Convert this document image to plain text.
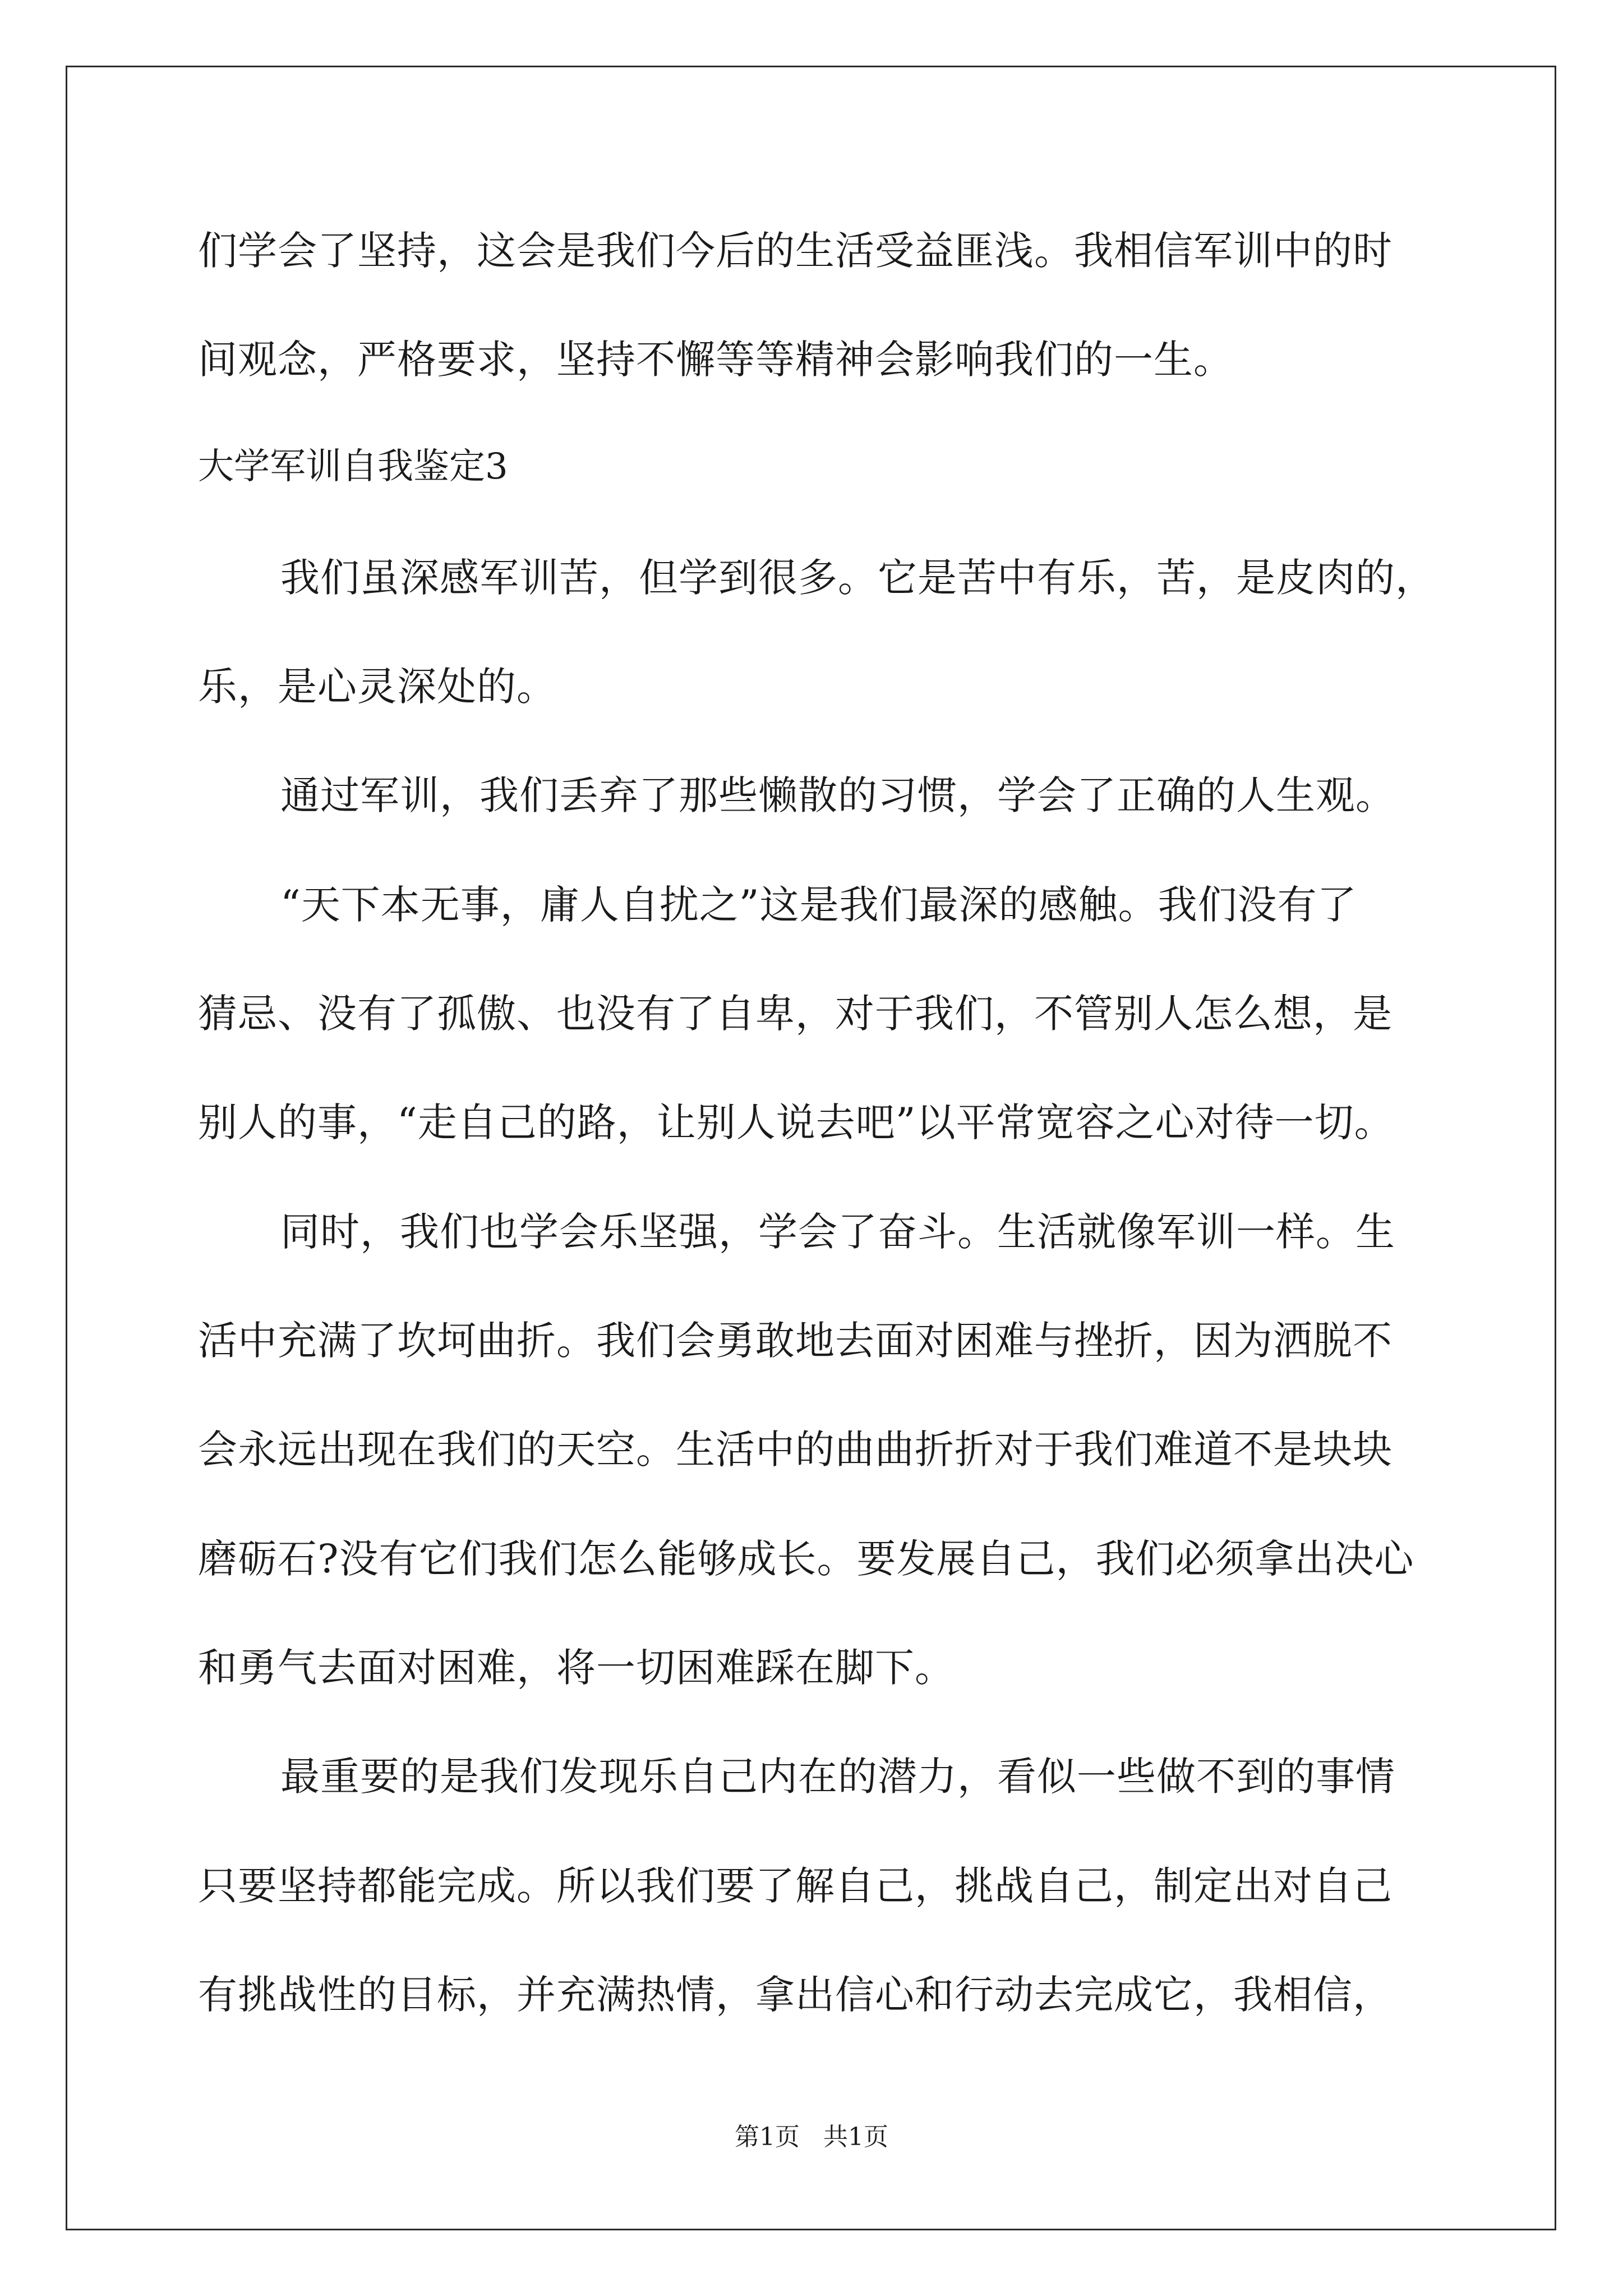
们学会了坚持，这会是我们今后的生活受益匪浅。我相信军训中的时
间观念，严格要求，坚持不懈等等精神会影响我们的一生。
大学军训自我鉴定3
我们虽深感军训苦，但学到很多。它是苦中有乐，苦，是皮肉的，
乐，是心灵深处的。
通过军训，我们丢弃了那些懒散的习惯，学会了正确的人生观。
“天下本无事，庸人自扰之”这是我们最深的感触。我们没有了
猜忌、没有了孤傲、也没有了自卑，对于我们，不管别人怎么想，是
别人的事，“走自己的路，让别人说去吧”以平常宽容之心对待一切。
同时，我们也学会乐坚强，学会了奋斗。生活就像军训一样。生
活中充满了坎坷曲折。我们会勇敢地去面对困难与挫折，因为洒脱不
会永远出现在我们的天空。生活中的曲曲折折对于我们难道不是块块
磨砺石?没有它们我们怎么能够成长。要发展自己，我们必须拿出决心
和勇气去面对困难，将一切困难踩在脚下。
最重要的是我们发现乐自己内在的潜力，看似一些做不到的事情
只要坚持都能完成。所以我们要了解自己，挑战自己，制定出对自己
有挑战性的目标，并充满热情，拿出信心和行动去完成它，我相信，
第1页   共1页
